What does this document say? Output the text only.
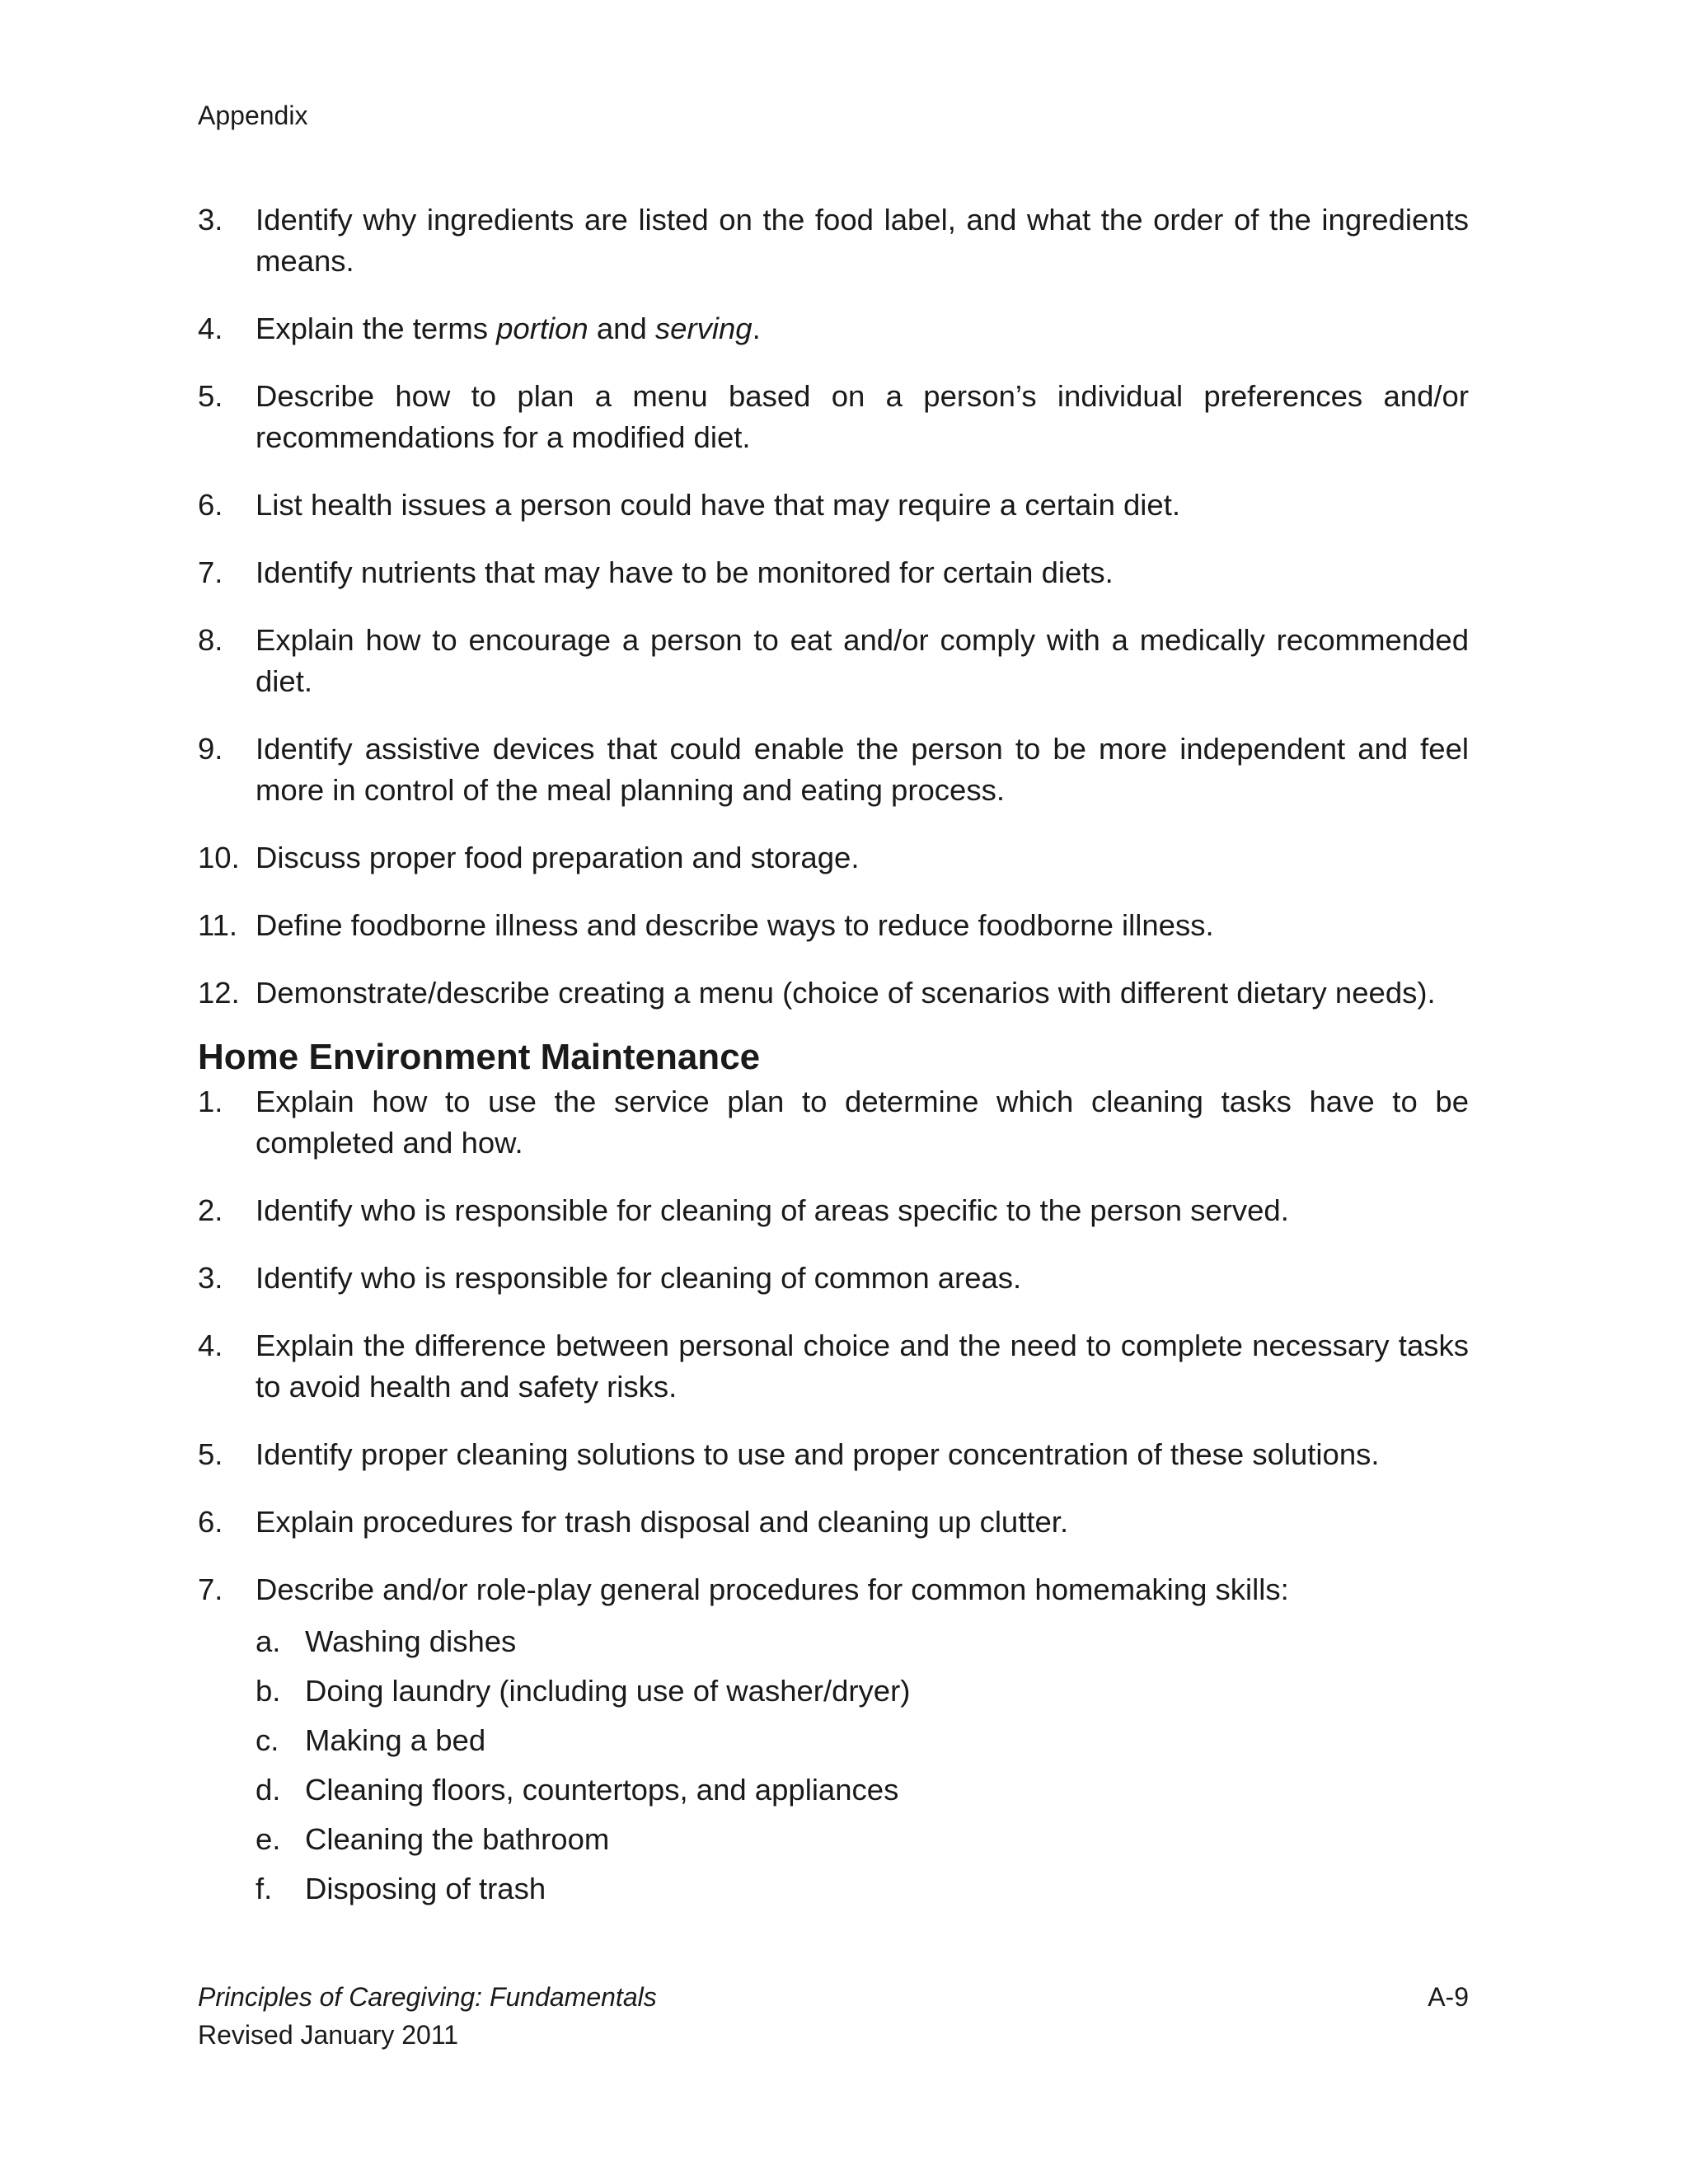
Appendix
3. Identify why ingredients are listed on the food label, and what the order of the ingredients means.
4. Explain the terms portion and serving.
5. Describe how to plan a menu based on a person’s individual preferences and/or recommendations for a modified diet.
6. List health issues a person could have that may require a certain diet.
7. Identify nutrients that may have to be monitored for certain diets.
8. Explain how to encourage a person to eat and/or comply with a medically recommended diet.
9. Identify assistive devices that could enable the person to be more independent and feel more in control of the meal planning and eating process.
10. Discuss proper food preparation and storage.
11. Define foodborne illness and describe ways to reduce foodborne illness.
12. Demonstrate/describe creating a menu (choice of scenarios with different dietary needs).
Home Environment Maintenance
1. Explain how to use the service plan to determine which cleaning tasks have to be completed and how.
2. Identify who is responsible for cleaning of areas specific to the person served.
3. Identify who is responsible for cleaning of common areas.
4. Explain the difference between personal choice and the need to complete necessary tasks to avoid health and safety risks.
5. Identify proper cleaning solutions to use and proper concentration of these solutions.
6. Explain procedures for trash disposal and cleaning up clutter.
7. Describe and/or role-play general procedures for common homemaking skills:
a. Washing dishes
b. Doing laundry (including use of washer/dryer)
c. Making a bed
d. Cleaning floors, countertops, and appliances
e. Cleaning the bathroom
f. Disposing of trash
Principles of Caregiving: Fundamentals	A-9
Revised January 2011
